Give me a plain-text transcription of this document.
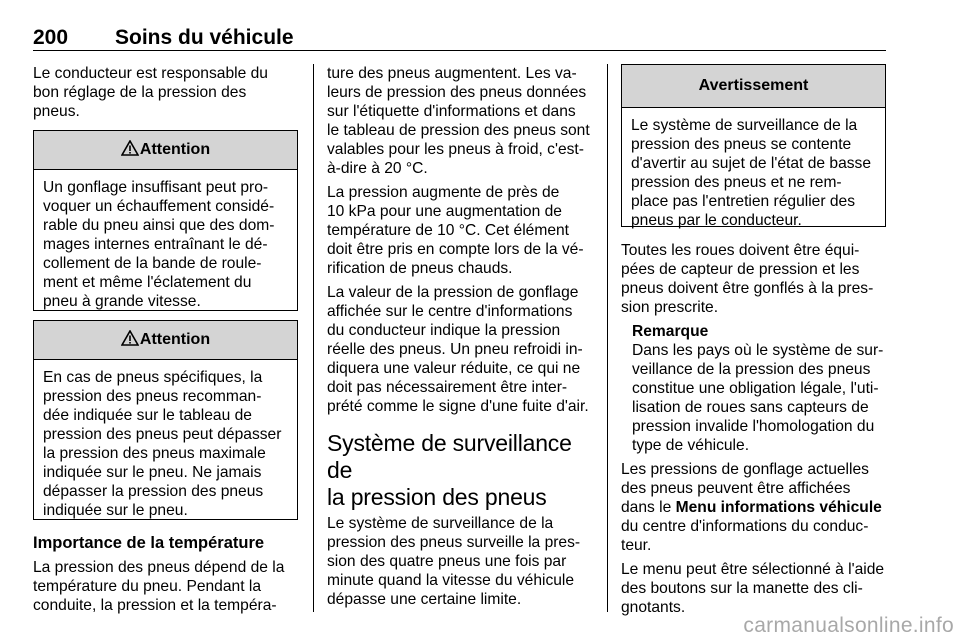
200 Soins du véhicule

Le conducteur est responsable du
bon réglage de la pression des
pneus.

Attention
Un gonflage insuffisant peut pro-
voquer un échauffement considé-
rable du pneu ainsi que des dom-
mages internes entraînant le dé-
collement de la bande de roule-
ment et même l'éclatement du
pneu à grande vitesse.
Attention
En cas de pneus spécifiques, la
pression des pneus recomman-
dée indiquée sur le tableau de
pression des pneus peut dépasser
la pression des pneus maximale
indiquée sur le pneu. Ne jamais
dépasser la pression des pneus
indiquée sur le pneu.

Importance de la température

La pression des pneus dépend de la
température du pneu. Pendant la
conduite, la pression et la tempéra-

ture des pneus augmentent. Les va-
leurs de pression des pneus données
sur l'étiquette d'informations et dans
le tableau de pression des pneus sont
valables pour les pneus à froid, c'est-
à-dire à 20 °C.

La pression augmente de près de
10 kPa pour une augmentation de
température de 10 °C. Cet élément
doit être pris en compte lors de la vé-
rification de pneus chauds.

La valeur de la pression de gonflage
affichée sur le centre d'informations
du conducteur indique la pression
réelle des pneus. Un pneu refroidi in-
diquera une valeur réduite, ce qui ne
doit pas nécessairement être inter-
prété comme le signe d'une fuite d'air.

Système de surveillance de
la pression des pneus

Le système de surveillance de la
pression des pneus surveille la pres-
sion des quatre pneus une fois par
minute quand la vitesse du véhicule
dépasse une certaine limite.

Avertissement
Le système de surveillance de la
pression des pneus se contente
d'avertir au sujet de l'état de basse
pression des pneus et ne rem-
place pas l'entretien régulier des
pneus par le conducteur.

Toutes les roues doivent être équi-
pées de capteur de pression et les
pneus doivent être gonflés à la pres-
sion prescrite.

Remarque

Dans les pays où le système de sur-
veillance de la pression des pneus
constitue une obligation légale, l'uti-
lisation de roues sans capteurs de
pression invalide l'homologation du
type de véhicule.

Les pressions de gonflage actuelles
des pneus peuvent être affichées
dans le Menu informations véhicule
du centre d'informations du conduc-
teur.

Le menu peut être sélectionné à l'aide
des boutons sur la manette des cli-
gnotants.

carmanualsonline.info
